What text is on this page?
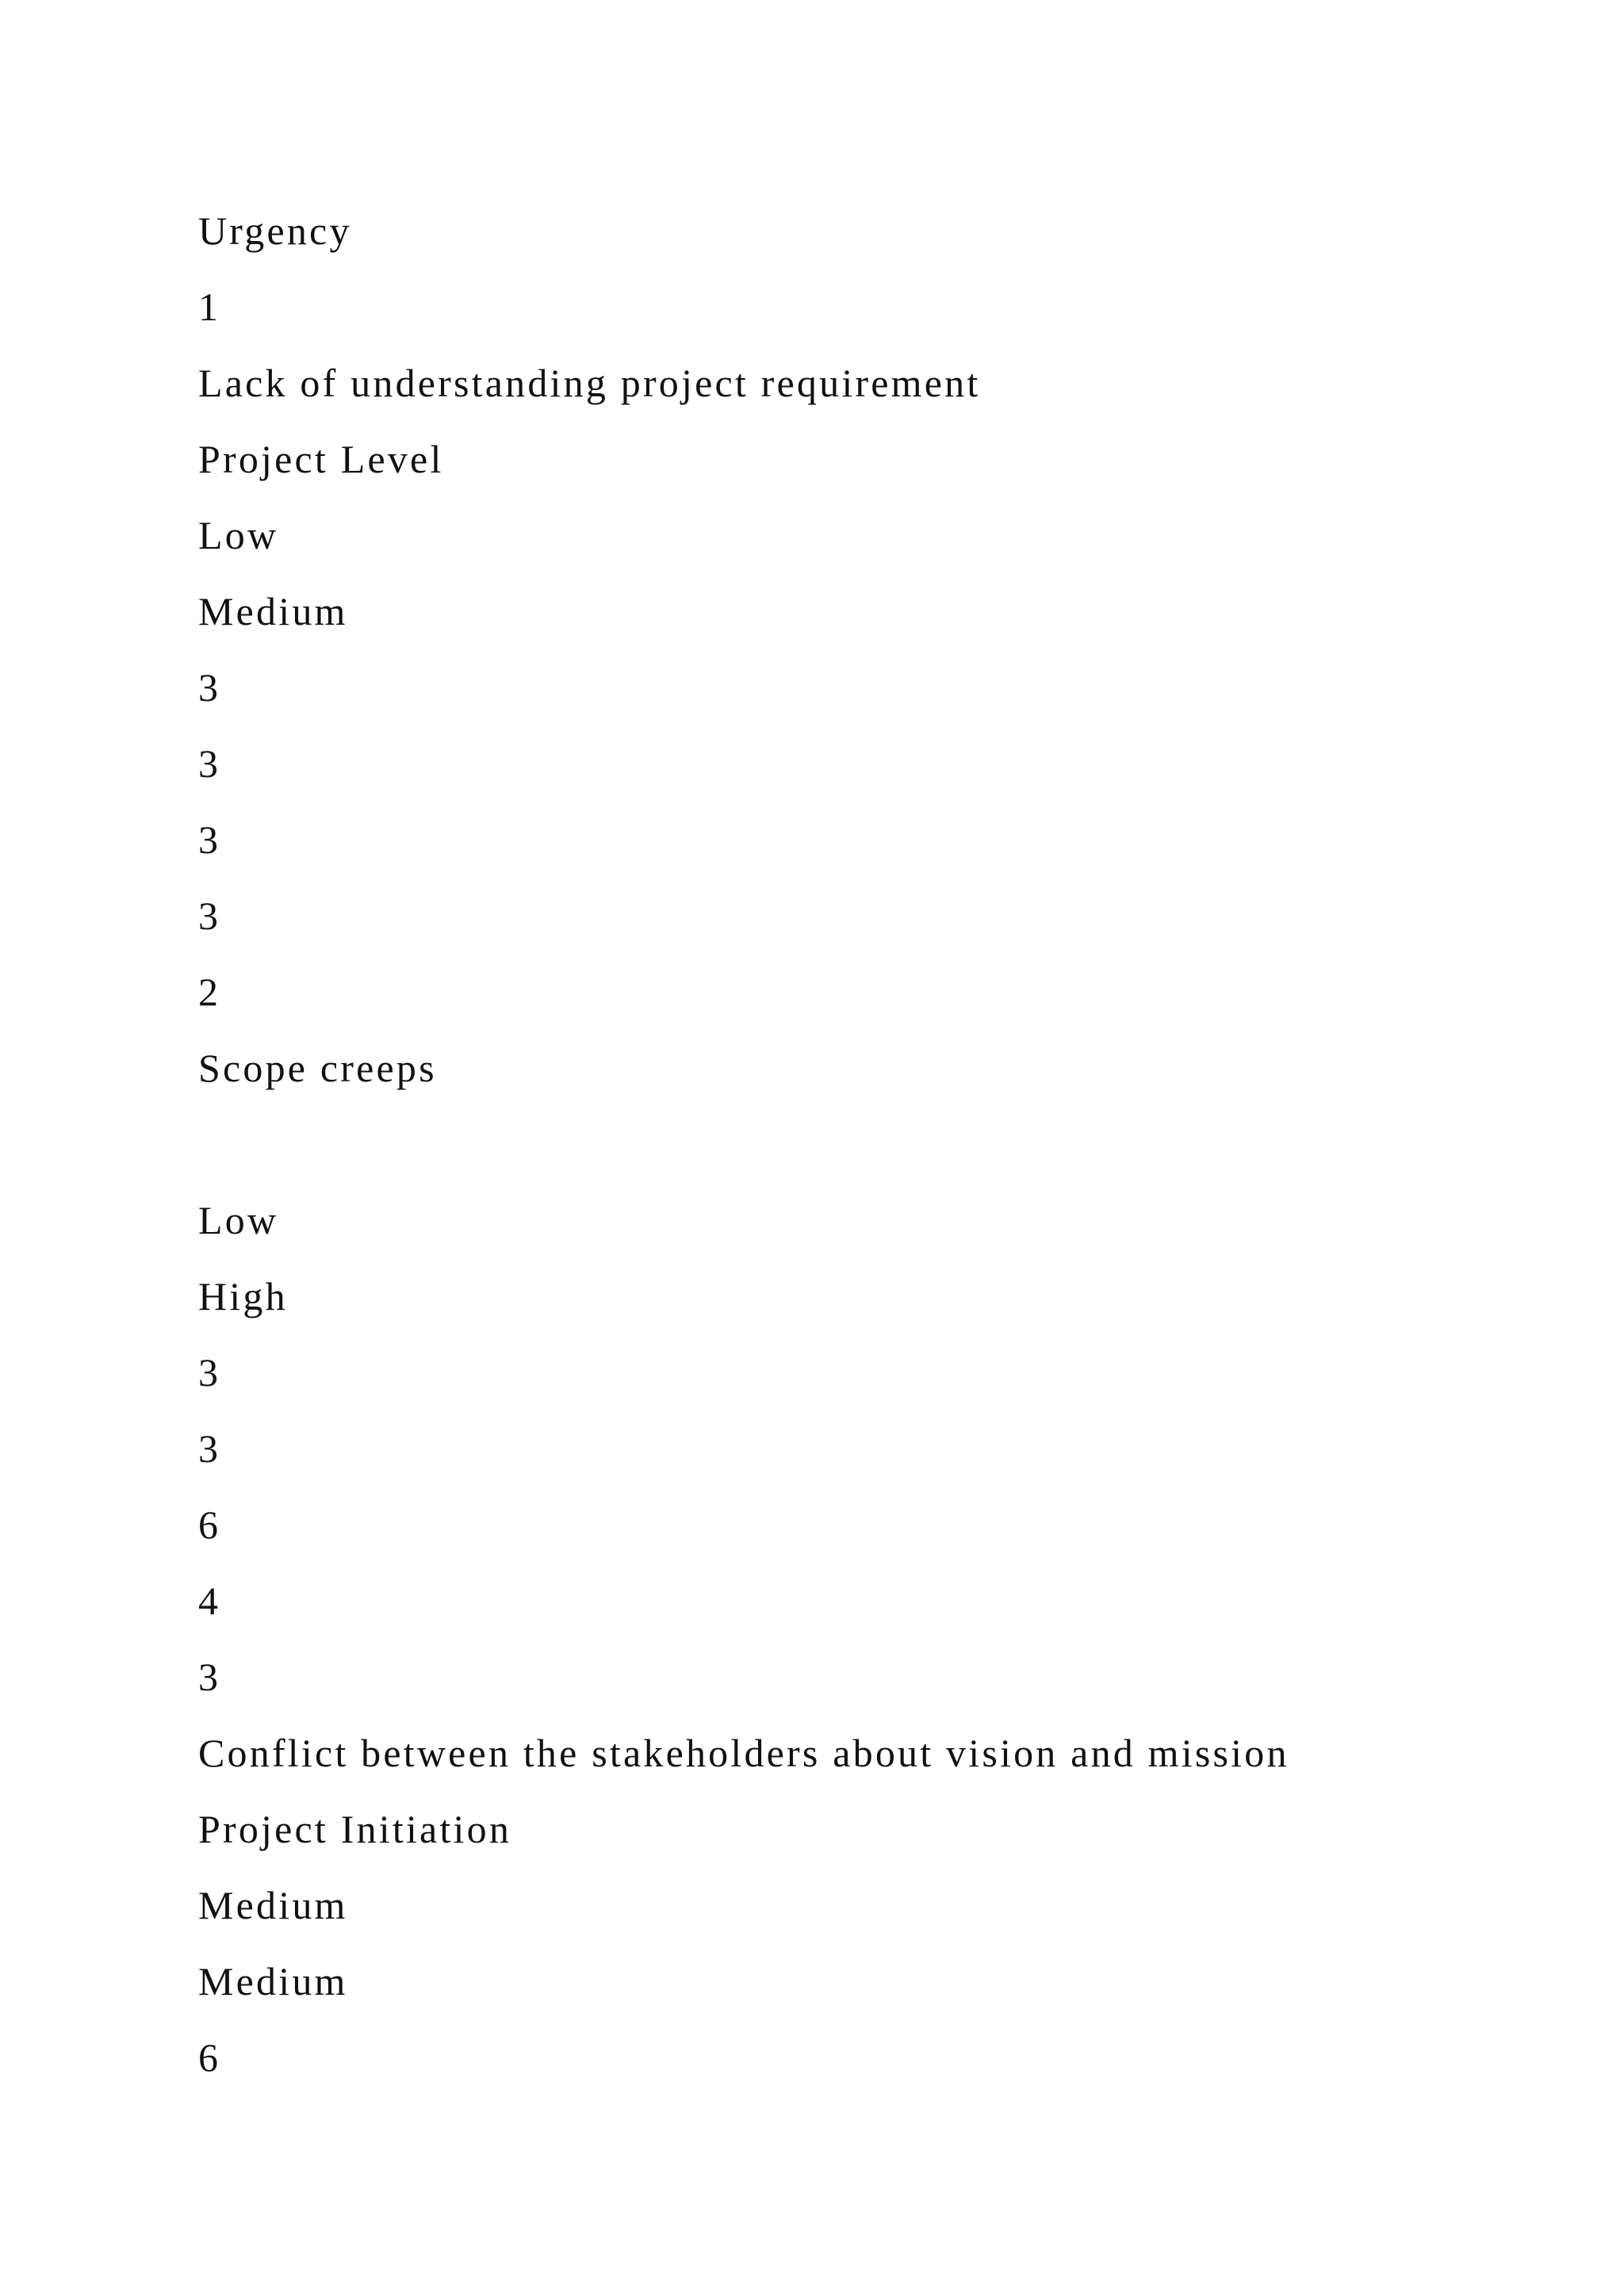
Urgency
1
Lack of understanding project requirement
Project Level
Low
Medium
3
3
3
3
2
Scope creeps
Low
High
3
3
6
4
3
Conflict between the stakeholders about vision and mission
Project Initiation
Medium
Medium
6
